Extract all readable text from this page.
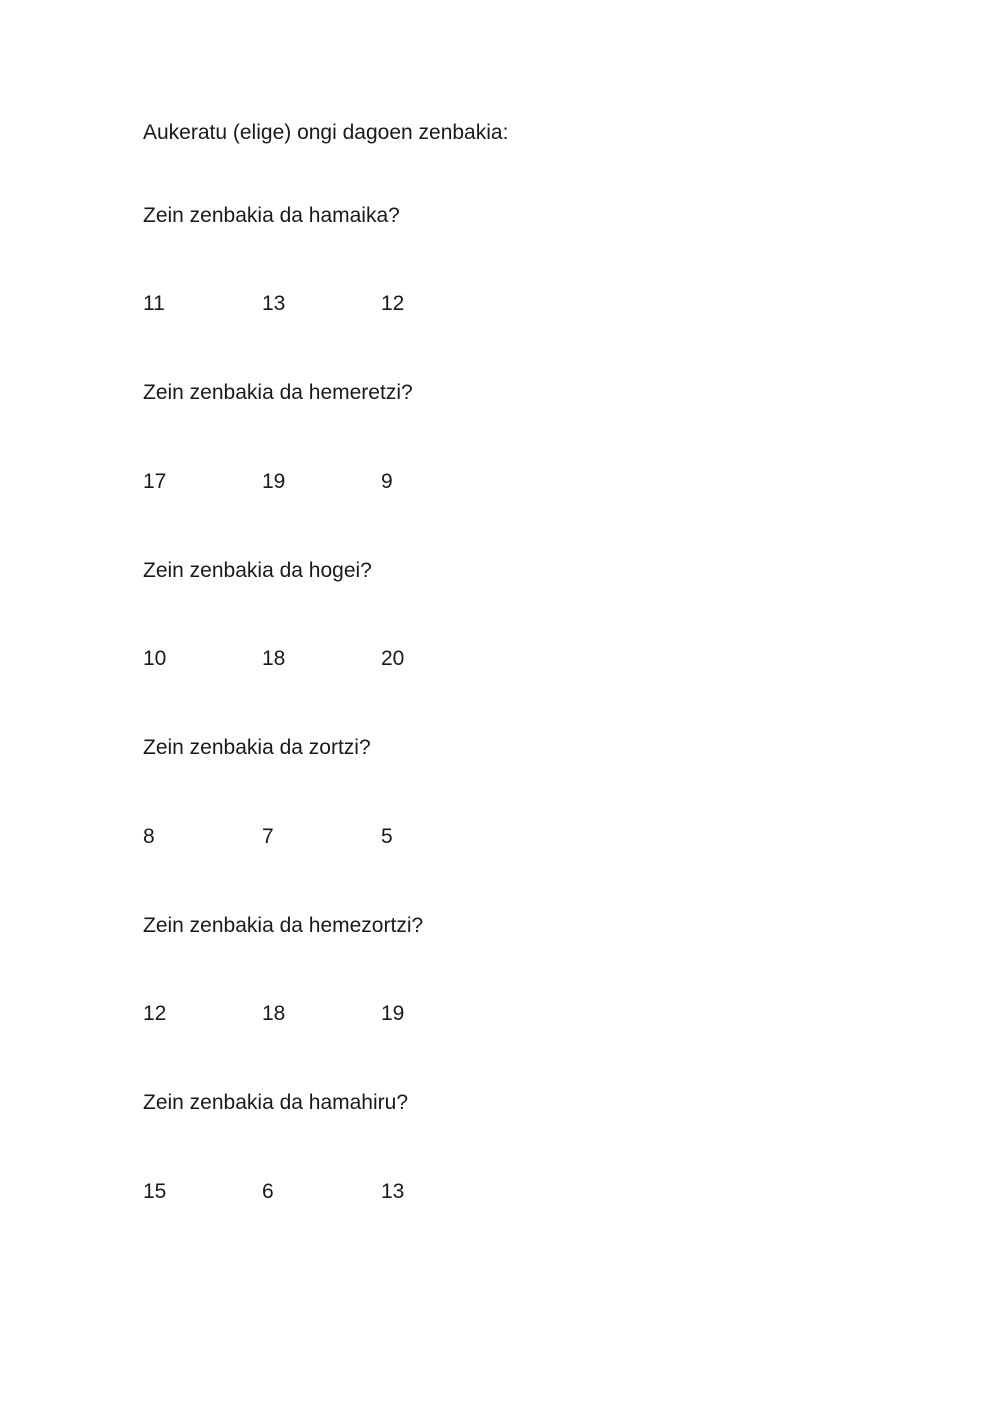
Aukeratu (elige) ongi dagoen zenbakia:
Zein zenbakia da hamaika?
11	13	12
Zein zenbakia da hemeretzi?
17	19	9
Zein zenbakia da hogei?
10	18	20
Zein zenbakia da zortzi?
8	7	5
Zein zenbakia da hemezortzi?
12	18	19
Zein zenbakia da hamahiru?
15	6	13
